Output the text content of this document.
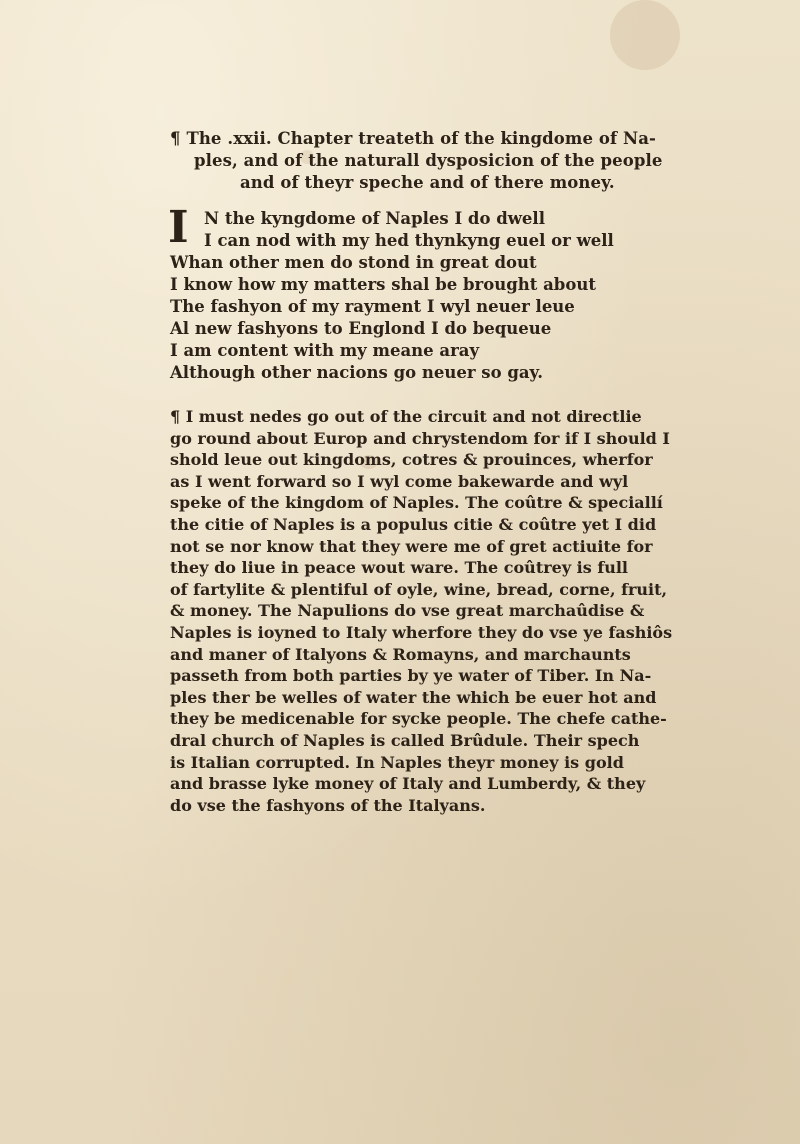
¶ The .xxii. Chapter treateth of the kingdome of Na-
ples, and of the naturall dysposicion of the people
and of theyr speche and of there money.
I N the kyngdome of Naples I do dwell
I can nod with my hed thynkyng euel or well
Whan other men do stond in great dout
I know how my matters shal be brought about
The fashyon of my rayment I wyl neuer leue
Al new fashyons to Englond I do bequeue
I am content with my meane aray
Although other nacions go neuer so gay.
¶ I must nedes go out of the circuit and not directlie
go round about Europ and chrystendom for if I should I
shold leue out kingdoms, cotres & prouinces, wherfor
as I went forward so I wyl come bakewarde and wyl
speke of the kingdom of Naples. The coûtre & speciallí
the citie of Naples is a populus citie & coûtre yet I did
not se nor know that they were me of gret actiuite for
they do liue in peace wout ware. The coûtrey is full
of fartylite & plentiful of oyle, wine, bread, corne, fruit,
& money. The Napulions do vse great marchaûdise &
Naples is ioyned to Italy wherfore they do vse ye fashiôs
and maner of Italyons & Romayns, and marchaunts
passeth from both parties by ye water of Tiber. In Na-
ples ther be welles of water the which be euer hot and
they be medicenable for sycke people. The chefe cathe-
dral church of Naples is called Brûdule. Their spech
is Italian corrupted. In Naples theyr money is gold
and brasse lyke money of Italy and Lumberdy, & they
do vse the fashyons of the Italyans.
